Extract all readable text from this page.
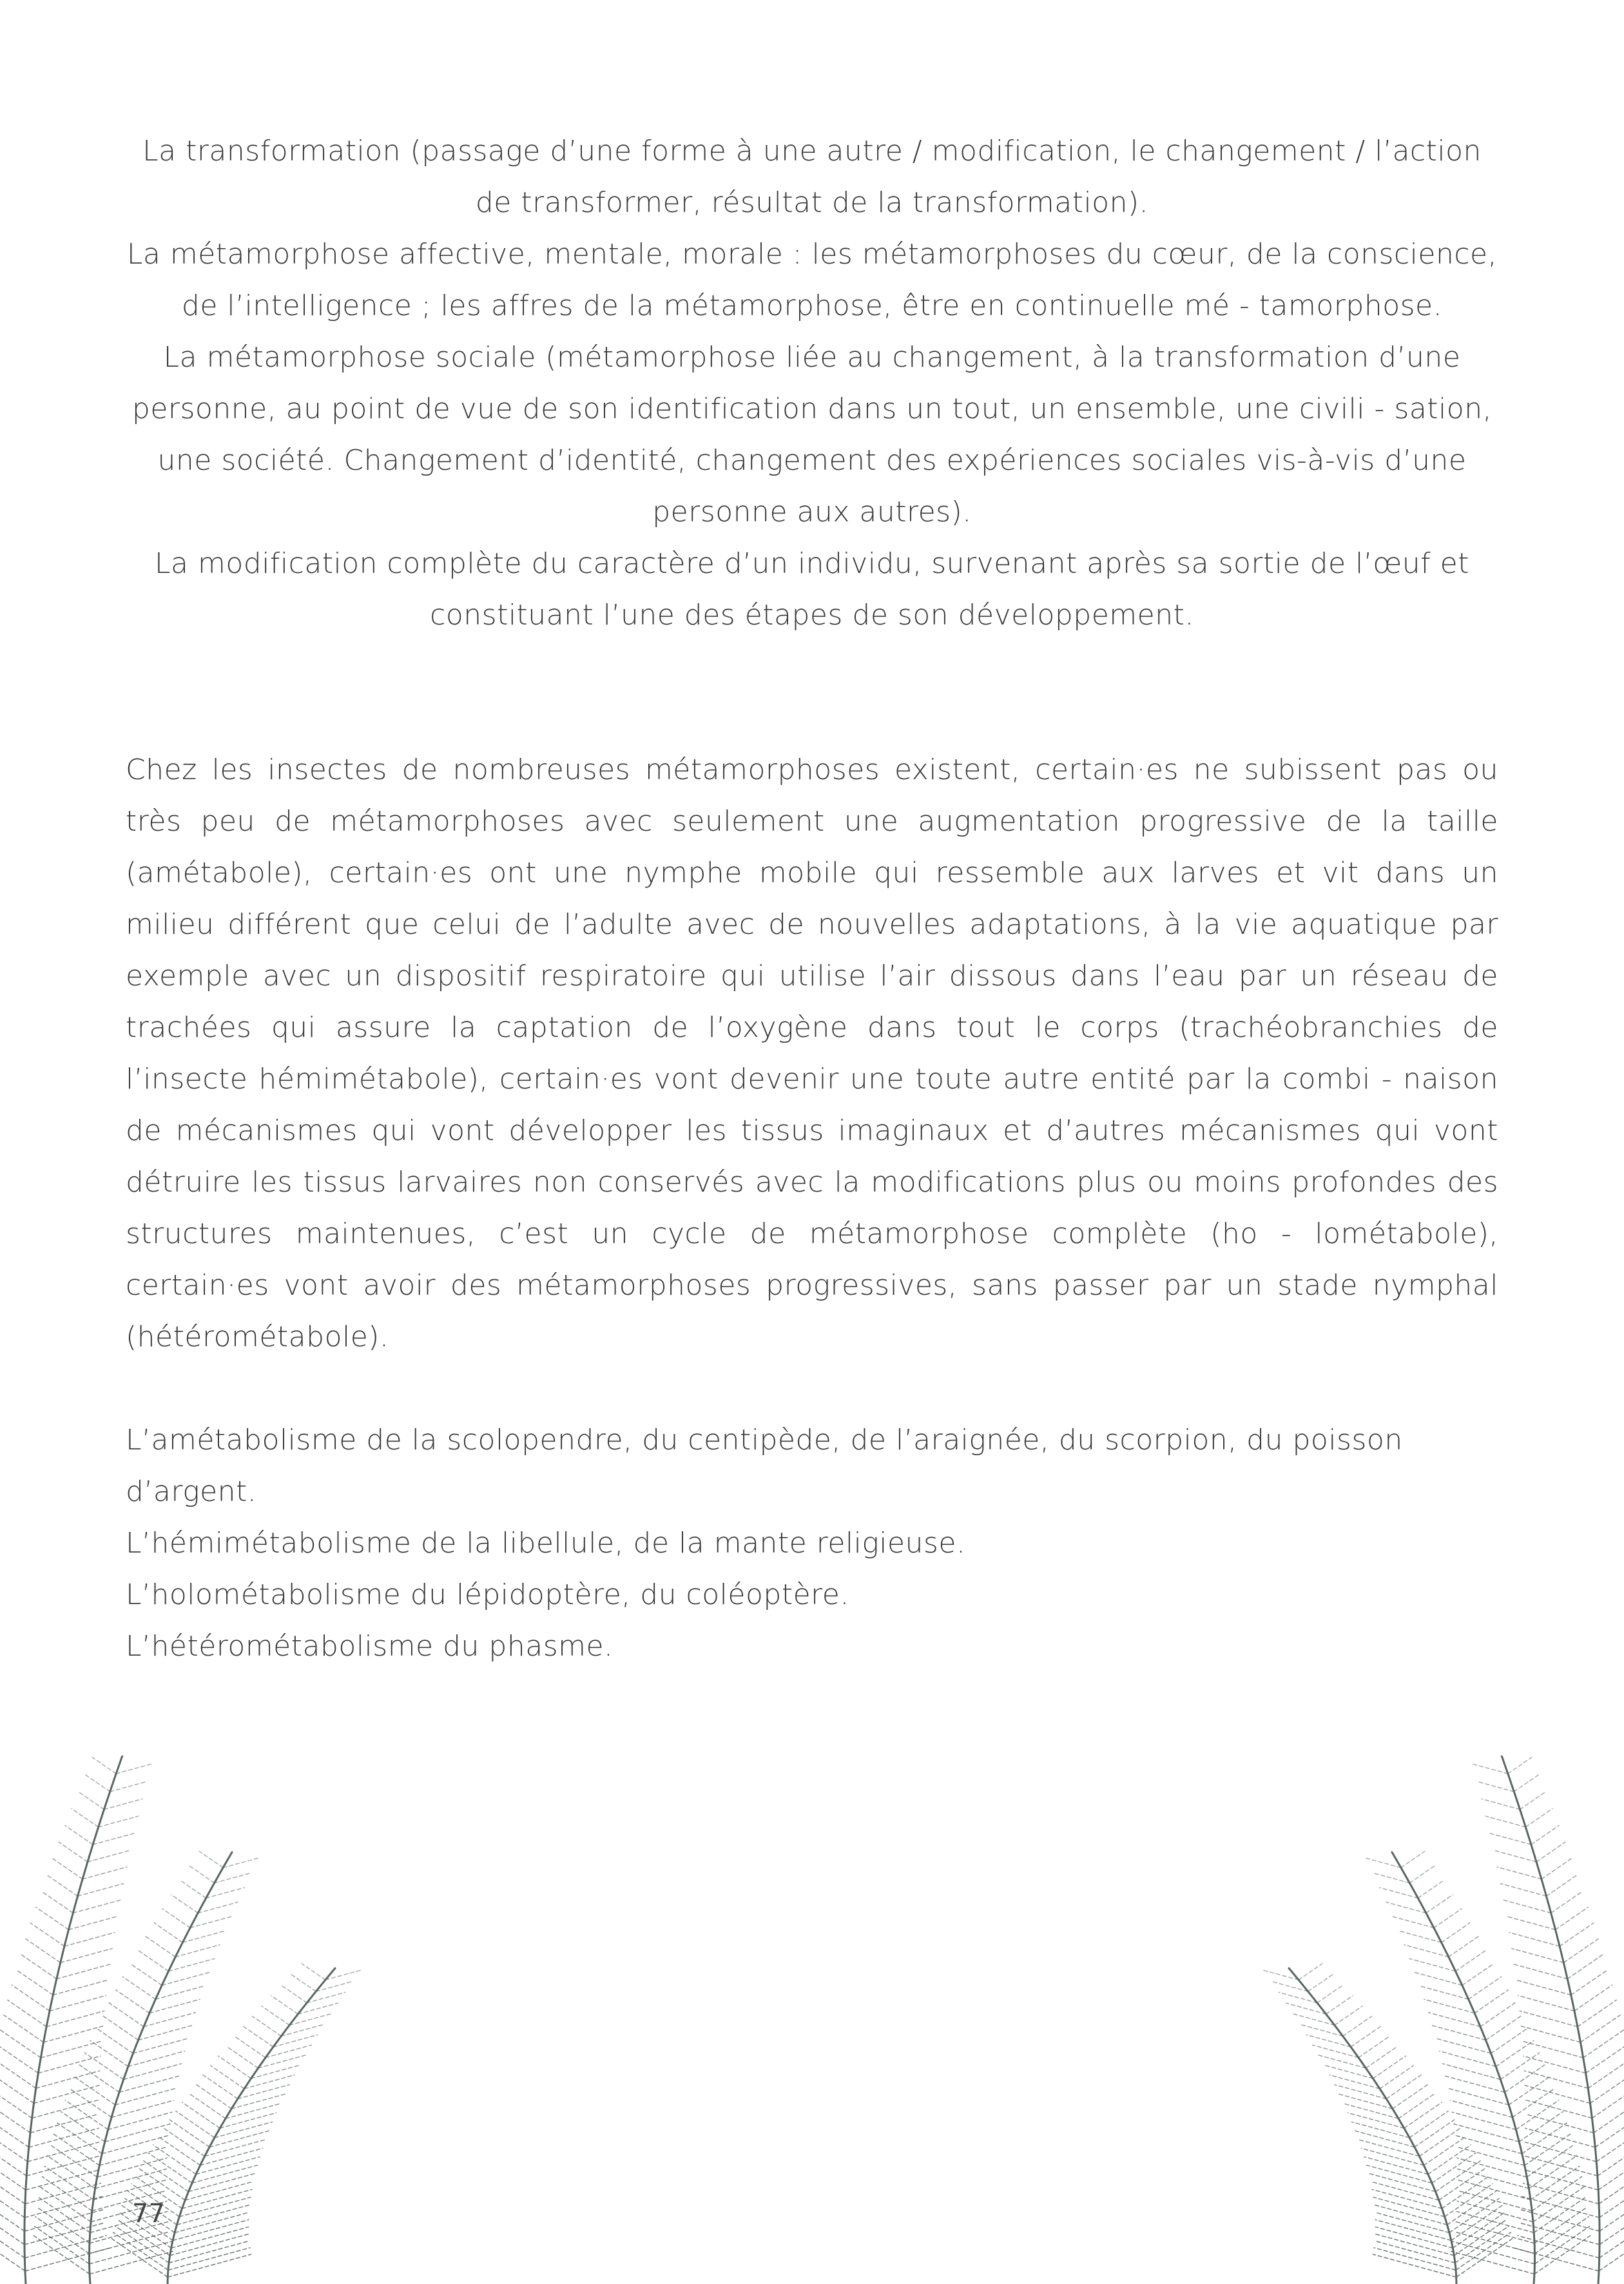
La transformation (passage d’une forme à une autre / modification, le changement / l’action de transformer, résultat de la transformation).

La métamorphose affective, mentale, morale : les métamorphoses du cœur, de la conscience, de l’intelligence ; les affres de la métamorphose, être en continuelle mé - tamorphose.

La métamorphose sociale (métamorphose liée au changement, à la transformation d’une personne, au point de vue de son identification dans un tout, un ensemble, une civili - sation, une société. Changement d’identité, changement des expériences sociales vis-à-vis d’une personne aux autres).

La modification complète du caractère d’un individu, survenant après sa sortie de l’œuf et constituant l’une des étapes de son développement.

Chez les insectes de nombreuses métamorphoses existent, certain·es ne subissent pas ou très peu de métamorphoses avec seulement une augmentation progressive de la taille (amétabole), certain·es ont une nymphe mobile qui ressemble aux larves et vit dans un milieu différent que celui de l’adulte avec de nouvelles adaptations, à la vie aquatique par exemple avec un dispositif respiratoire qui utilise l’air dissous dans l’eau par un réseau de trachées qui assure la captation de l’oxygène dans tout le corps (trachéobranchies de l’insecte hémimétabole), certain·es vont devenir une toute autre entité par la combi - naison de mécanismes qui vont développer les tissus imaginaux et d’autres mécanismes qui vont détruire les tissus larvaires non conservés avec la modifications plus ou moins profondes des structures maintenues, c’est un cycle de métamorphose complète (ho - lométabole), certain·es vont avoir des métamorphoses progressives, sans passer par un stade nymphal (hétérométabole).

L’amétabolisme de la scolopendre, du centipède, de l’araignée, du scorpion, du poisson d’argent.

L’hémimétabolisme de la libellule, de la mante religieuse.

L’holométabolisme du lépidoptère, du coléoptère.

L’hétérométabolisme du phasme.

77
